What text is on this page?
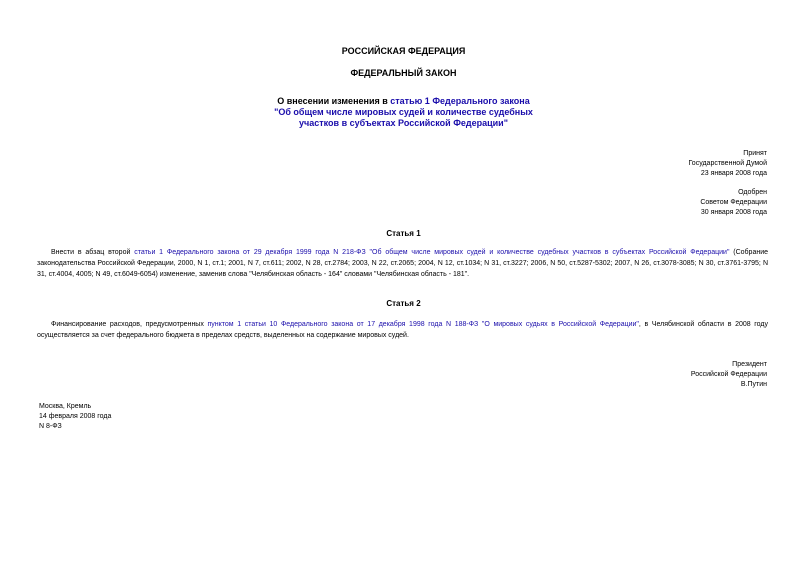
РОССИЙСКАЯ ФЕДЕРАЦИЯ
ФЕДЕРАЛЬНЫЙ ЗАКОН
О внесении изменения в статью 1 Федерального закона
"Об общем числе мировых судей и количестве судебных
участков в субъектах Российской Федерации"
Принят
Государственной Думой
23 января 2008 года
Одобрен
Советом Федерации
30 января 2008 года
Статья 1
Внести в абзац второй статьи 1 Федерального закона от 29 декабря 1999 года N 218-ФЗ "Об общем числе мировых судей и количестве судебных участков в субъектах Российской Федерации" (Собрание законодательства Российской Федерации, 2000, N 1, ст.1; 2001, N 7, ст.611; 2002, N 28, ст.2784; 2003, N 22, ст.2065; 2004, N 12, ст.1034; N 31, ст.3227; 2006, N 50, ст.5287-5302; 2007, N 26, ст.3078-3085; N 30, ст.3761-3795; N 31, ст.4004, 4005; N 49, ст.6049-6054) изменение, заменив слова "Челябинская область - 164" словами "Челябинская область - 181".
Статья 2
Финансирование расходов, предусмотренных пунктом 1 статьи 10 Федерального закона от 17 декабря 1998 года N 188-ФЗ "О мировых судьях в Российской Федерации", в Челябинской области в 2008 году осуществляется за счет федерального бюджета в пределах средств, выделенных на содержание мировых судей.
Президент
Российской Федерации
В.Путин
Москва, Кремль
14 февраля 2008 года
N 8-ФЗ
